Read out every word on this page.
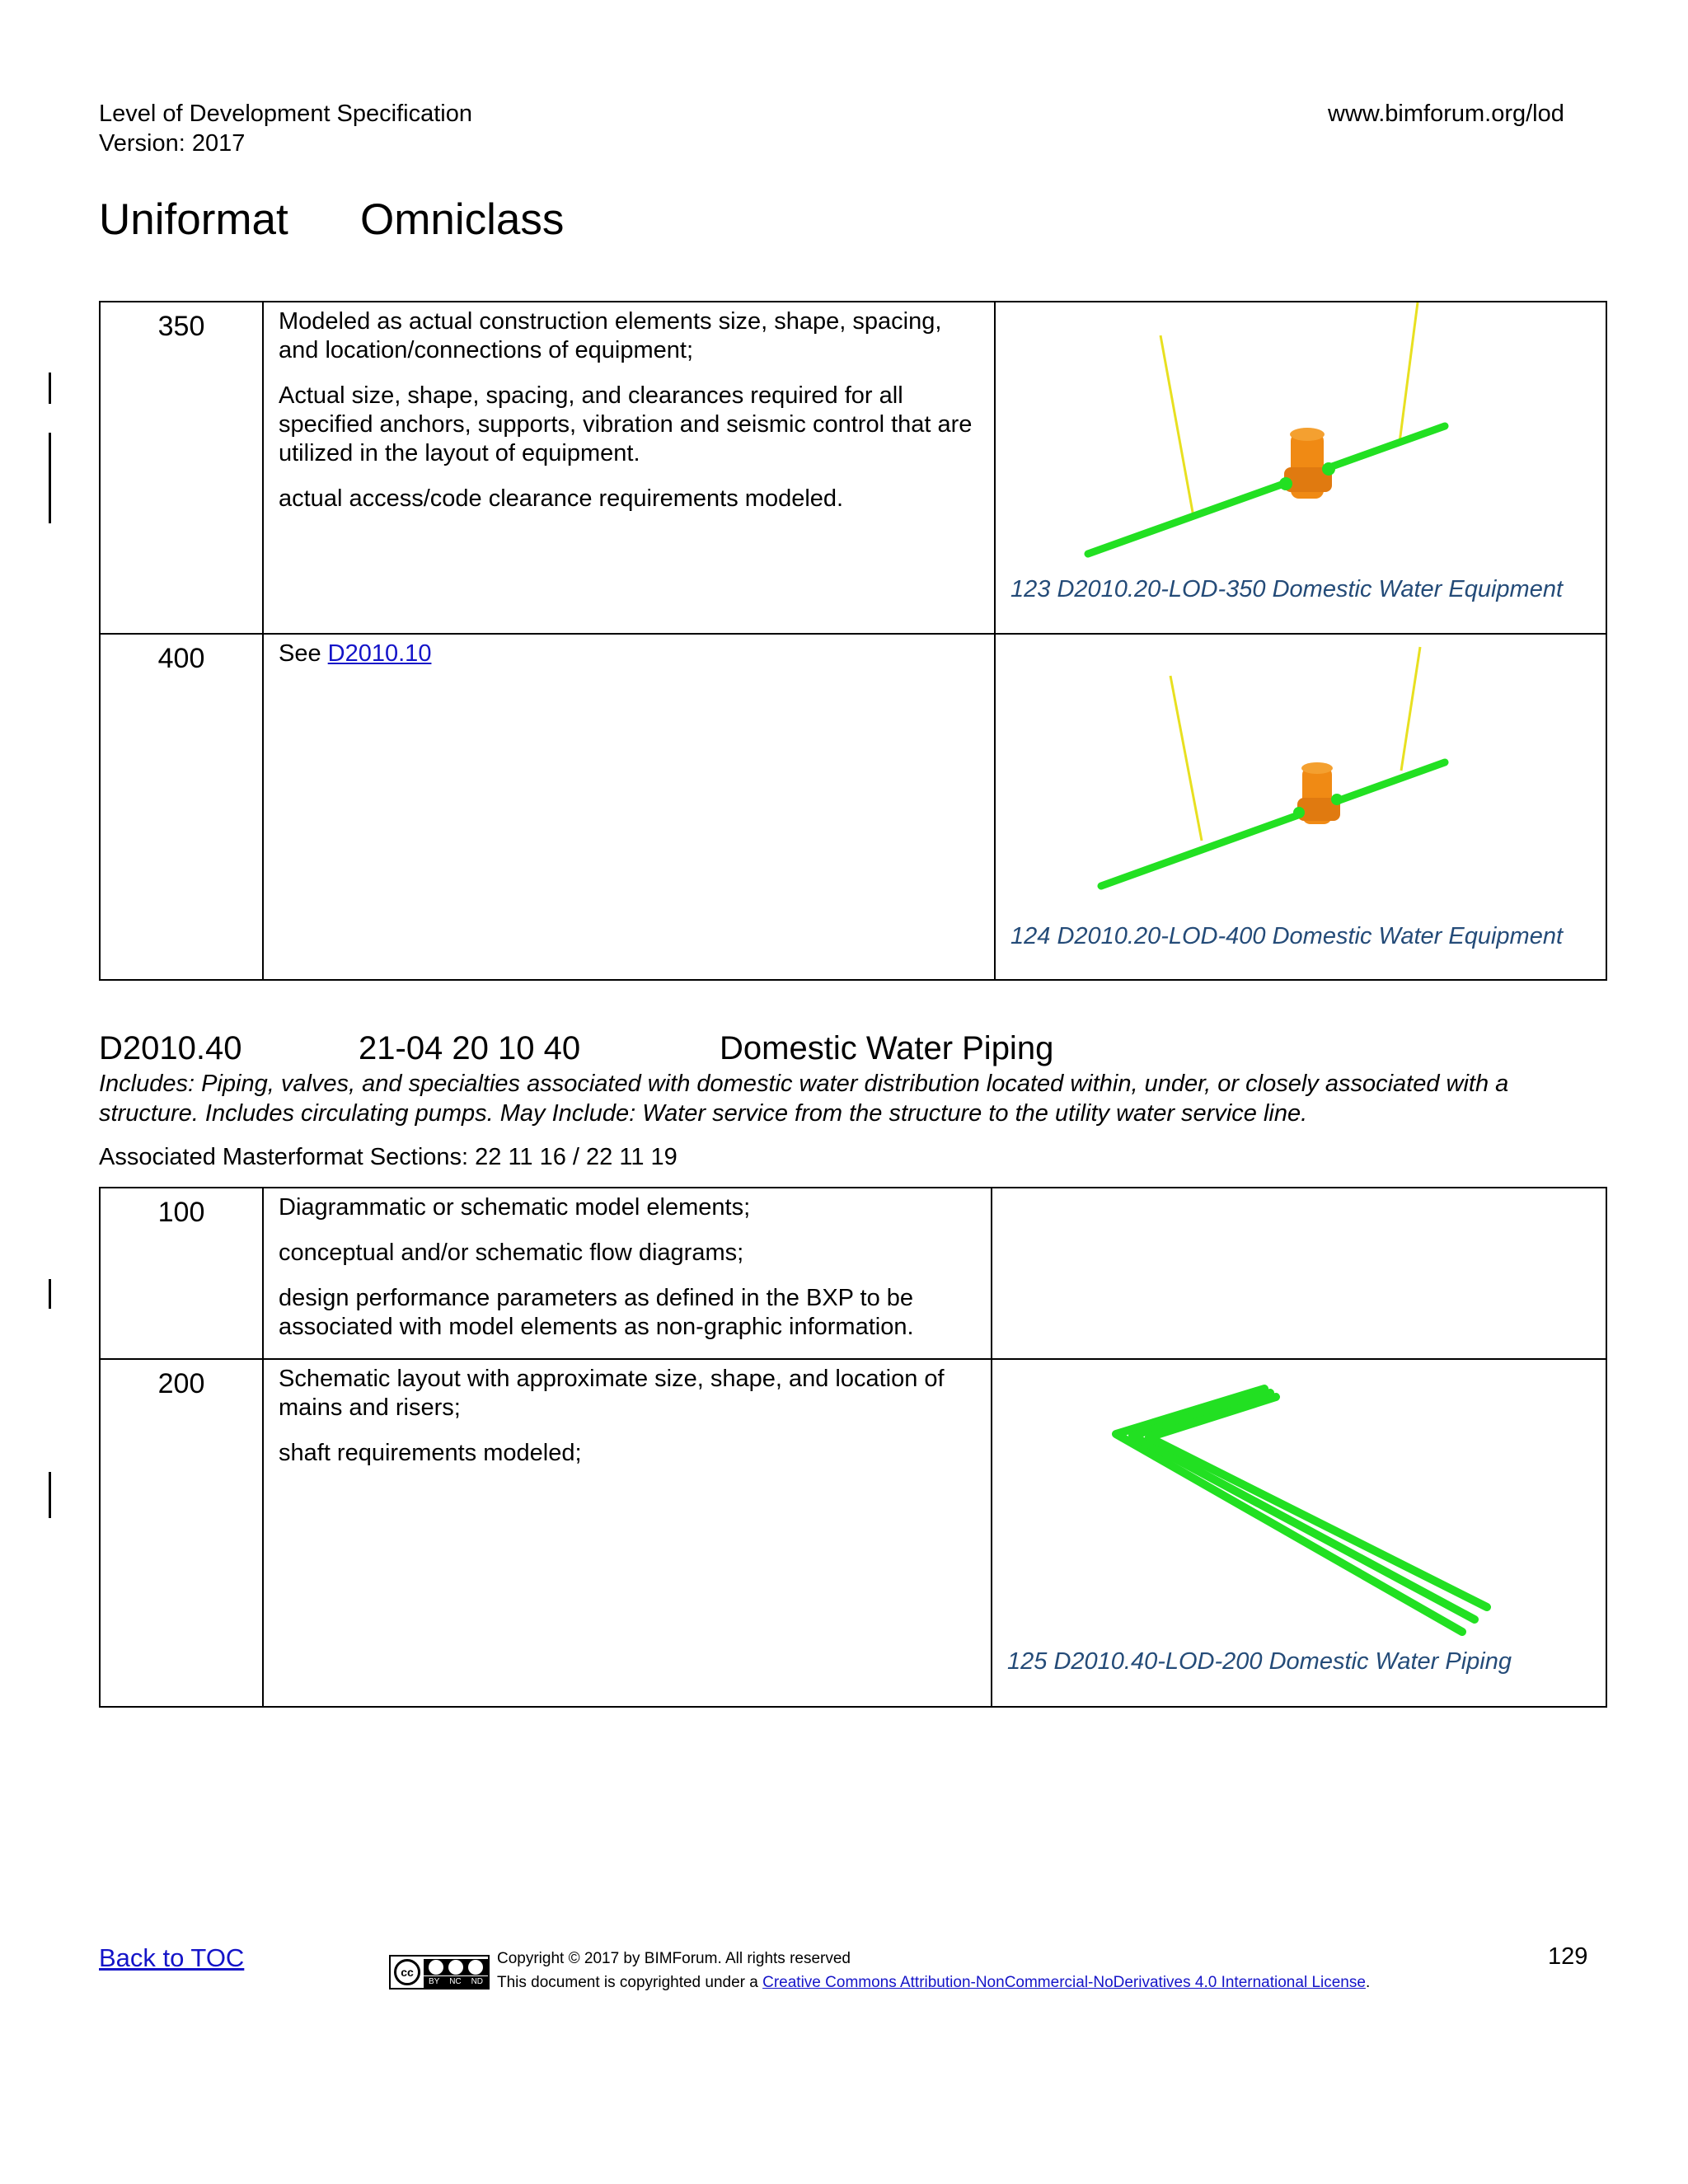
Level of Development Specification
Version: 2017
www.bimforum.org/lod
Uniformat Omniclass
350	Modeled as actual construction elements size, shape, spacing, and location/connections of equipment;

Actual size, shape, spacing, and clearances required for all specified anchors, supports, vibration and seismic control that are utilized in the layout of equipment.

actual access/code clearance requirements modeled.	123 D2010.20-LOD-350 Domestic Water Equipment

400	See D2010.10	124 D2010.20-LOD-400 Domestic Water Equipment
D2010.40	21-04 20 10 40	Domestic Water Piping
Includes: Piping, valves, and specialties associated with domestic water distribution located within, under, or closely associated with a structure. Includes circulating pumps. May Include: Water service from the structure to the utility water service line.
Associated Masterformat Sections: 22 11 16 / 22 11 19
100	Diagrammatic or schematic model elements;

conceptual and/or schematic flow diagrams;

design performance parameters as defined in the BXP to be associated with model elements as non-graphic information.	

200	Schematic layout with approximate size, shape, and location of mains and risers;

shaft requirements modeled;	125 D2010.40-LOD-200 Domestic Water Piping
Back to TOC	cc
BY NC ND
Copyright © 2017 by BIMForum. All rights reserved
This document is copyrighted under a Creative Commons Attribution-NonCommercial-NoDerivatives 4.0 International License.
129
